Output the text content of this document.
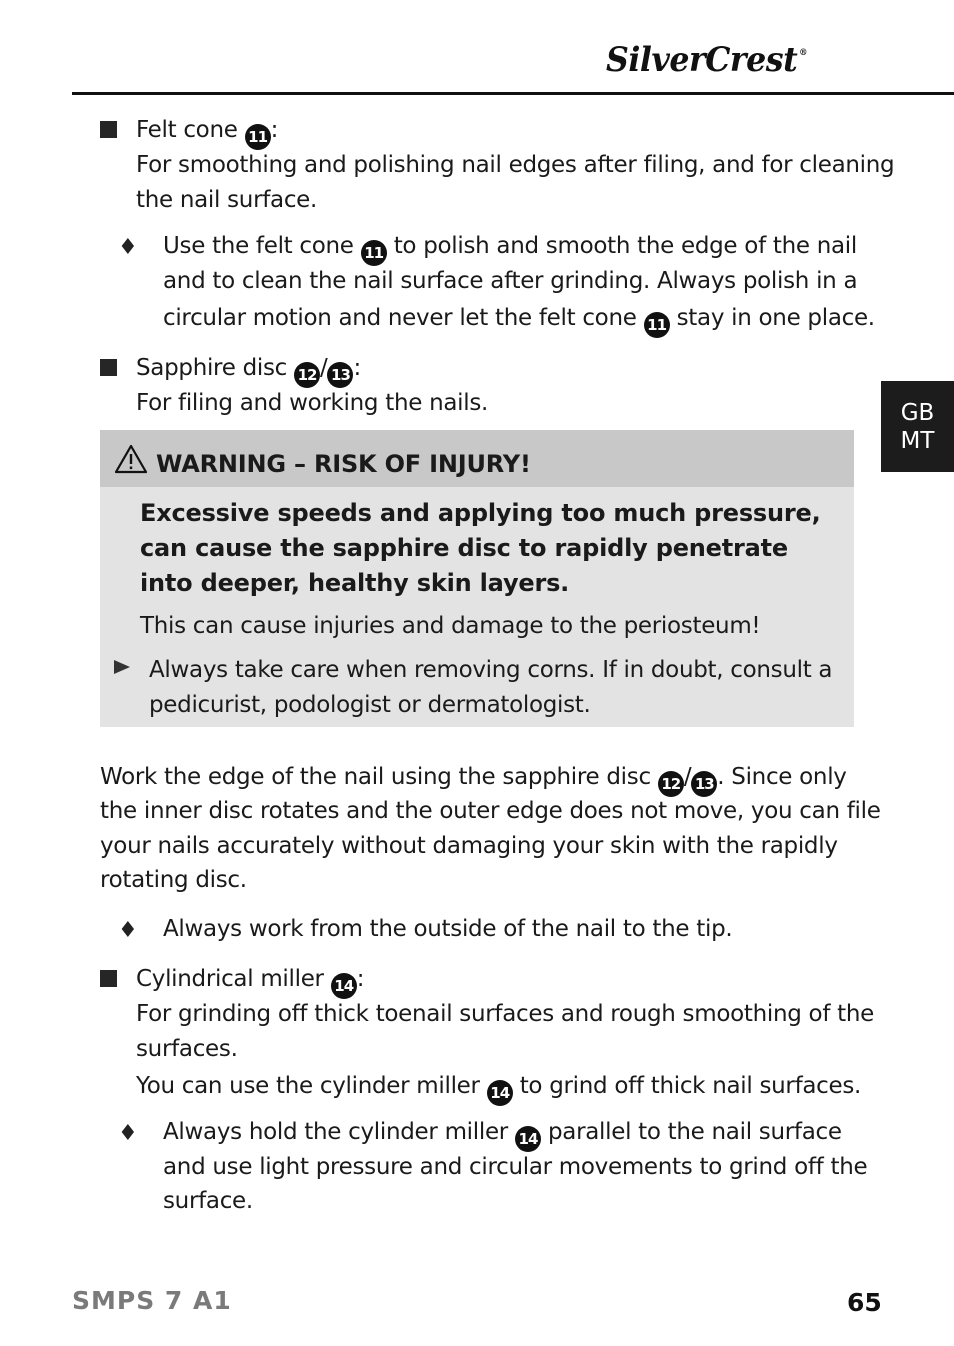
SilverCrest ®
GB
MT
Felt cone 11 :
For smoothing and polishing nail edges after filing, and for cleaning
the nail surface.
♦ Use the felt cone 11 to polish and smooth the edge of the nail
and to clean the nail surface after grinding. Always polish in a
circular motion and never let the felt cone 11 stay in one place.
Sapphire disc 12 / 13 :
For filing and working the nails.
WARNING – RISK OF INJURY!
Excessive speeds and applying too much pressure,
can cause the sapphire disc to rapidly penetrate
into deeper, healthy skin layers.
This can cause injuries and damage to the periosteum!
Always take care when removing corns. If in doubt, consult a
pedicurist, podologist or dermatologist.
Work the edge of the nail using the sapphire disc 12 / 13 . Since only
the inner disc rotates and the outer edge does not move, you can file
your nails accurately without damaging your skin with the rapidly
rotating disc.
♦ Always work from the outside of the nail to the tip.
Cylindrical miller 14 :
For grinding off thick toenail surfaces and rough smoothing of the
surfaces.
You can use the cylinder miller 14 to grind off thick nail surfaces.
♦ Always hold the cylinder miller 14 parallel to the nail surface
and use light pressure and circular movements to grind off the
surface.
SMPS 7 A1	65
